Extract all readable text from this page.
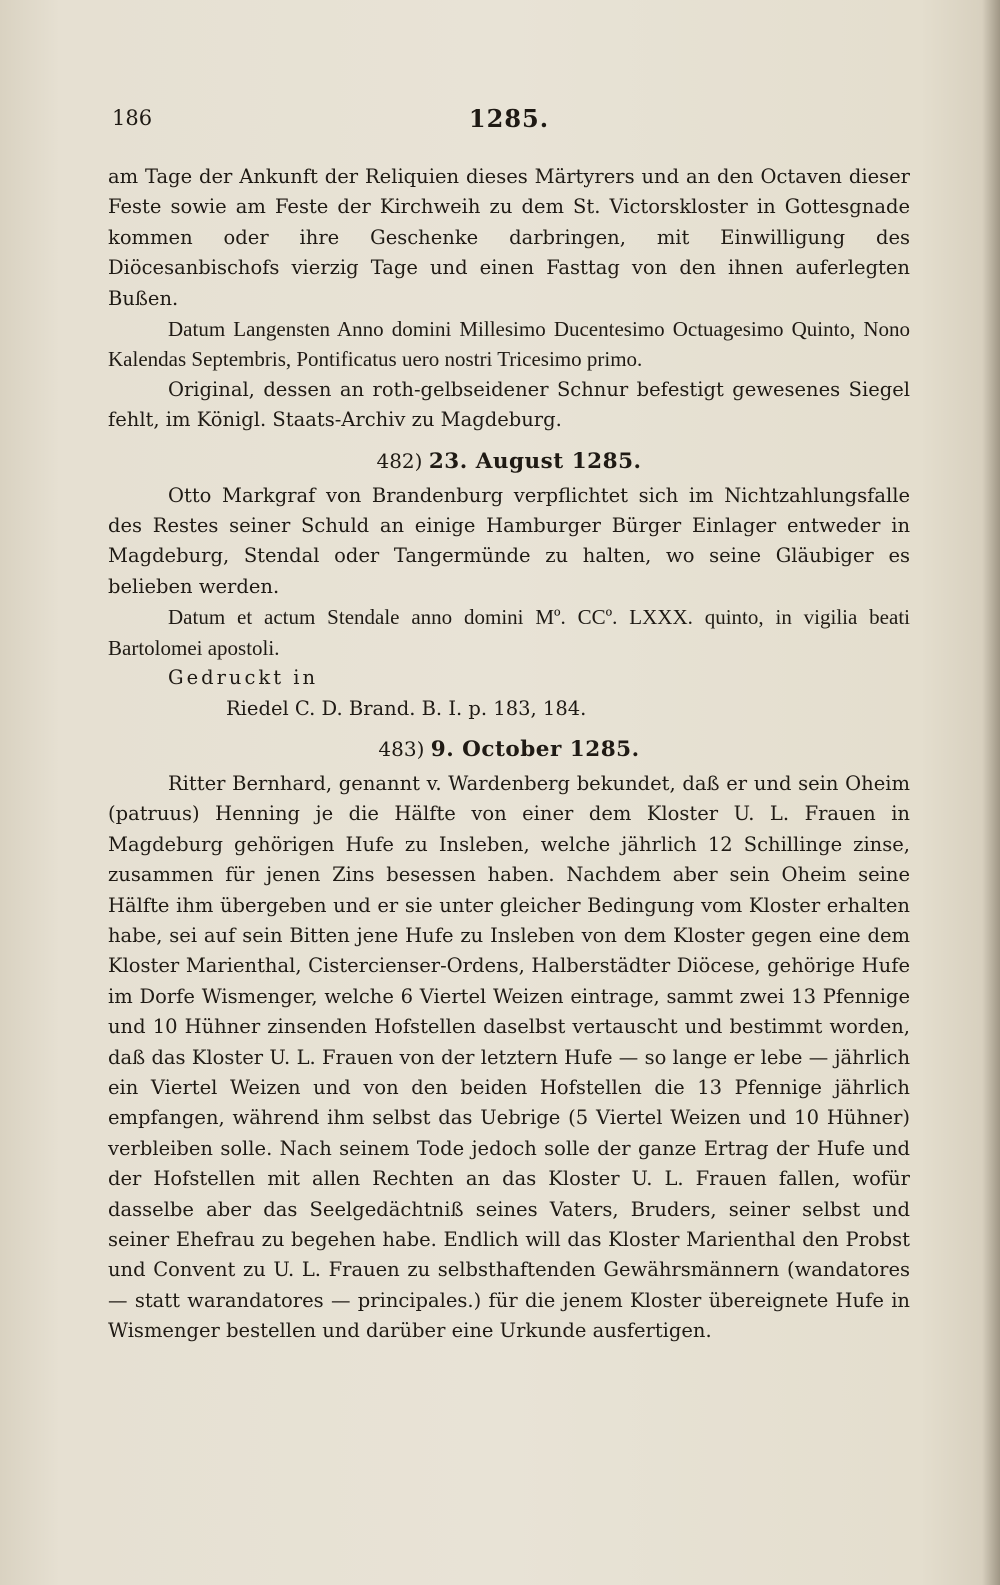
186	1285.

am Tage der Ankunft der Reliquien dieses Märtyrers und an den Octaven dieser Feste sowie am Feste der Kirchweih zu dem St. Victorskloster in Gottesgnade kommen oder ihre Geschenke darbringen, mit Einwilligung des Diöcesanbischofs vierzig Tage und einen Fasttag von den ihnen auferlegten Bußen.

Datum Langensten Anno domini Millesimo Ducentesimo Octuagesimo Quinto, Nono Kalendas Septembris, Pontificatus uero nostri Tricesimo primo.

Original, dessen an roth-gelbseidener Schnur befestigt gewesenes Siegel fehlt, im Königl. Staats-Archiv zu Magdeburg.

482) 23. August 1285.

Otto Markgraf von Brandenburg verpflichtet sich im Nichtzahlungsfalle des Restes seiner Schuld an einige Hamburger Bürger Einlager entweder in Magdeburg, Stendal oder Tangermünde zu halten, wo seine Gläubiger es belieben werden.

Datum et actum Stendale anno domini Mº. CCº. LXXX. quinto, in vigilia beati Bartolomei apostoli.

Gedruckt in

Riedel C. D. Brand. B. I. p. 183, 184.

483) 9. October 1285.

Ritter Bernhard, genannt v. Wardenberg bekundet, daß er und sein Oheim (patruus) Henning je die Hälfte von einer dem Kloster U. L. Frauen in Magdeburg gehörigen Hufe zu Insleben, welche jährlich 12 Schillinge zinse, zusammen für jenen Zins besessen haben. Nachdem aber sein Oheim seine Hälfte ihm übergeben und er sie unter gleicher Bedingung vom Kloster erhalten habe, sei auf sein Bitten jene Hufe zu Insleben von dem Kloster gegen eine dem Kloster Marienthal, Cistercienser-Ordens, Halberstädter Diöcese, gehörige Hufe im Dorfe Wismenger, welche 6 Viertel Weizen eintrage, sammt zwei 13 Pfennige und 10 Hühner zinsenden Hofstellen daselbst vertauscht und bestimmt worden, daß das Kloster U. L. Frauen von der letztern Hufe — so lange er lebe — jährlich ein Viertel Weizen und von den beiden Hofstellen die 13 Pfennige jährlich empfangen, während ihm selbst das Uebrige (5 Viertel Weizen und 10 Hühner) verbleiben solle. Nach seinem Tode jedoch solle der ganze Ertrag der Hufe und der Hofstellen mit allen Rechten an das Kloster U. L. Frauen fallen, wofür dasselbe aber das Seelgedächtniß seines Vaters, Bruders, seiner selbst und seiner Ehefrau zu begehen habe. Endlich will das Kloster Marienthal den Probst und Convent zu U. L. Frauen zu selbsthaftenden Gewährsmännern (wandatores — statt warandatores — principales.) für die jenem Kloster übereignete Hufe in Wismenger bestellen und darüber eine Urkunde ausfertigen.
